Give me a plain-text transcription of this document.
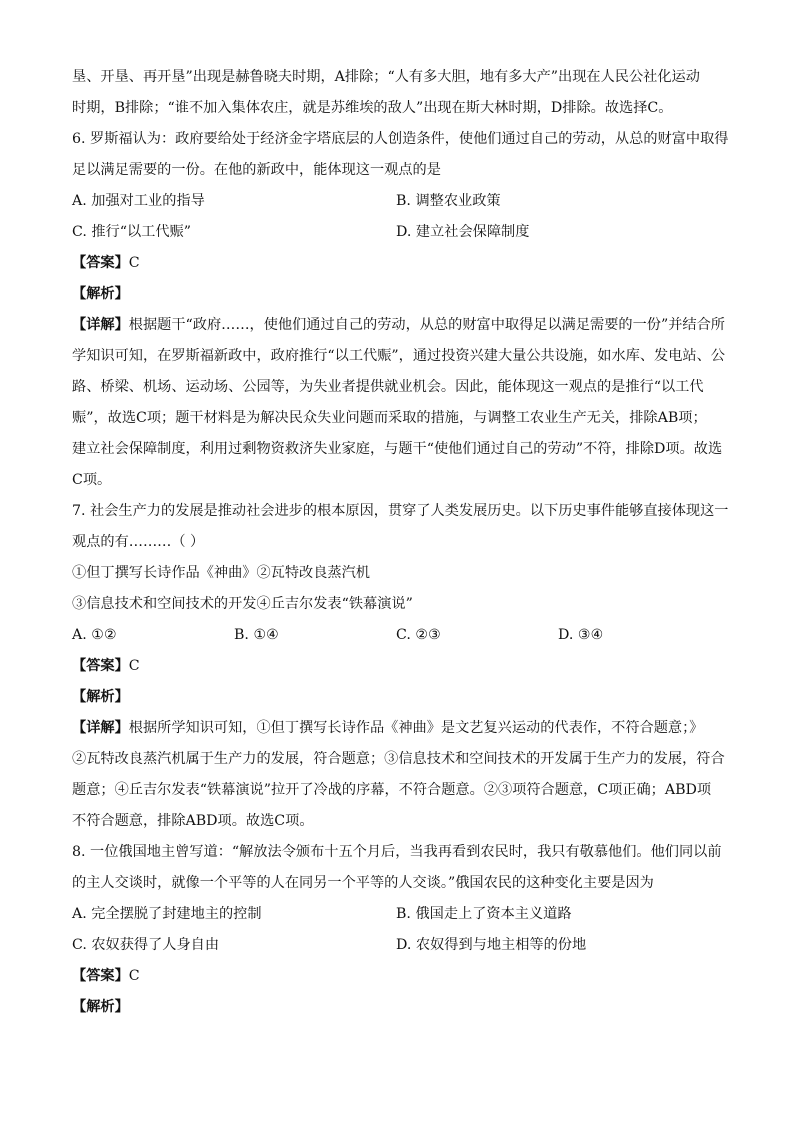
垦、开垦、再开垦”出现是赫鲁晓夫时期，A排除；“人有多大胆，地有多大产”出现在人民公社化运动
时期，B排除；“谁不加入集体农庄，就是苏维埃的敌人”出现在斯大林时期，D排除。故选择C。
6. 罗斯福认为：政府要给处于经济金字塔底层的人创造条件，使他们通过自己的劳动，从总的财富中取得
足以满足需要的一份。在他的新政中，能体现这一观点的是
A. 加强对工业的指导	B. 调整农业政策
C. 推行“以工代赈”	D. 建立社会保障制度
【答案】C
【解析】
【详解】根据题干“政府……，使他们通过自己的劳动，从总的财富中取得足以满足需要的一份”并结合所
学知识可知，在罗斯福新政中，政府推行“以工代赈”，通过投资兴建大量公共设施，如水库、发电站、公
路、桥梁、机场、运动场、公园等，为失业者提供就业机会。因此，能体现这一观点的是推行“以工代
赈”，故选C项；题干材料是为解决民众失业问题而采取的措施，与调整工农业生产无关，排除AB项；
建立社会保障制度，利用过剩物资救济失业家庭，与题干“使他们通过自己的劳动”不符，排除D项。故选
C项。
7. 社会生产力的发展是推动社会进步的根本原因，贯穿了人类发展历史。以下历史事件能够直接体现这一
观点的有………（ ）
①但丁撰写长诗作品《神曲》②瓦特改良蒸汽机
③信息技术和空间技术的开发④丘吉尔发表“铁幕演说”
A. ①②	B. ①④	C. ②③	D. ③④
【答案】C
【解析】
【详解】根据所学知识可知，①但丁撰写长诗作品《神曲》是文艺复兴运动的代表作，不符合题意；》
②瓦特改良蒸汽机属于生产力的发展，符合题意；③信息技术和空间技术的开发属于生产力的发展，符合
题意；④丘吉尔发表“铁幕演说”拉开了冷战的序幕，不符合题意。②③项符合题意，C项正确；ABD项
不符合题意，排除ABD项。故选C项。
8. 一位俄国地主曾写道：“解放法令颁布十五个月后，当我再看到农民时，我只有敬慕他们。他们同以前
的主人交谈时，就像一个平等的人在同另一个平等的人交谈。”俄国农民的这种变化主要是因为
A. 完全摆脱了封建地主的控制	B. 俄国走上了资本主义道路
C. 农奴获得了人身自由	D. 农奴得到与地主相等的份地
【答案】C
【解析】
